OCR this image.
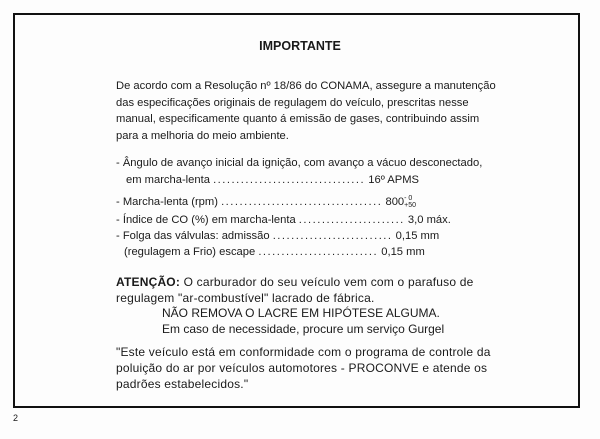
IMPORTANTE
De acordo com a Resolução nº 18/86 do CONAMA, assegure a manutenção das especificações originais de regulagem do veículo, prescritas nesse manual, especificamente quanto á emissão de gases, contribuindo assim para a melhoria do meio ambiente.
- Ângulo de avanço inicial da ignição, com avanço a vácuo desconectado,
em marcha-lenta ................................. 16º APMS
- Marcha-lenta (rpm) ................................... 800 - 0
+50
- Índice de CO (%) em marcha-lenta ....................... 3,0 máx.
- Folga das válvulas: admissão .......................... 0,15 mm
(regulagem a Frio) escape .......................... 0,15 mm
ATENÇÃO: O carburador do seu veículo vem com o parafuso de regulagem "ar-combustível" lacrado de fábrica.
NÃO REMOVA O LACRE EM HIPÓTESE ALGUMA.
Em caso de necessidade, procure um serviço Gurgel
"Este veículo está em conformidade com o programa de controle da poluição do ar por veículos automotores - PROCONVE e atende os padrões estabelecidos."
2
